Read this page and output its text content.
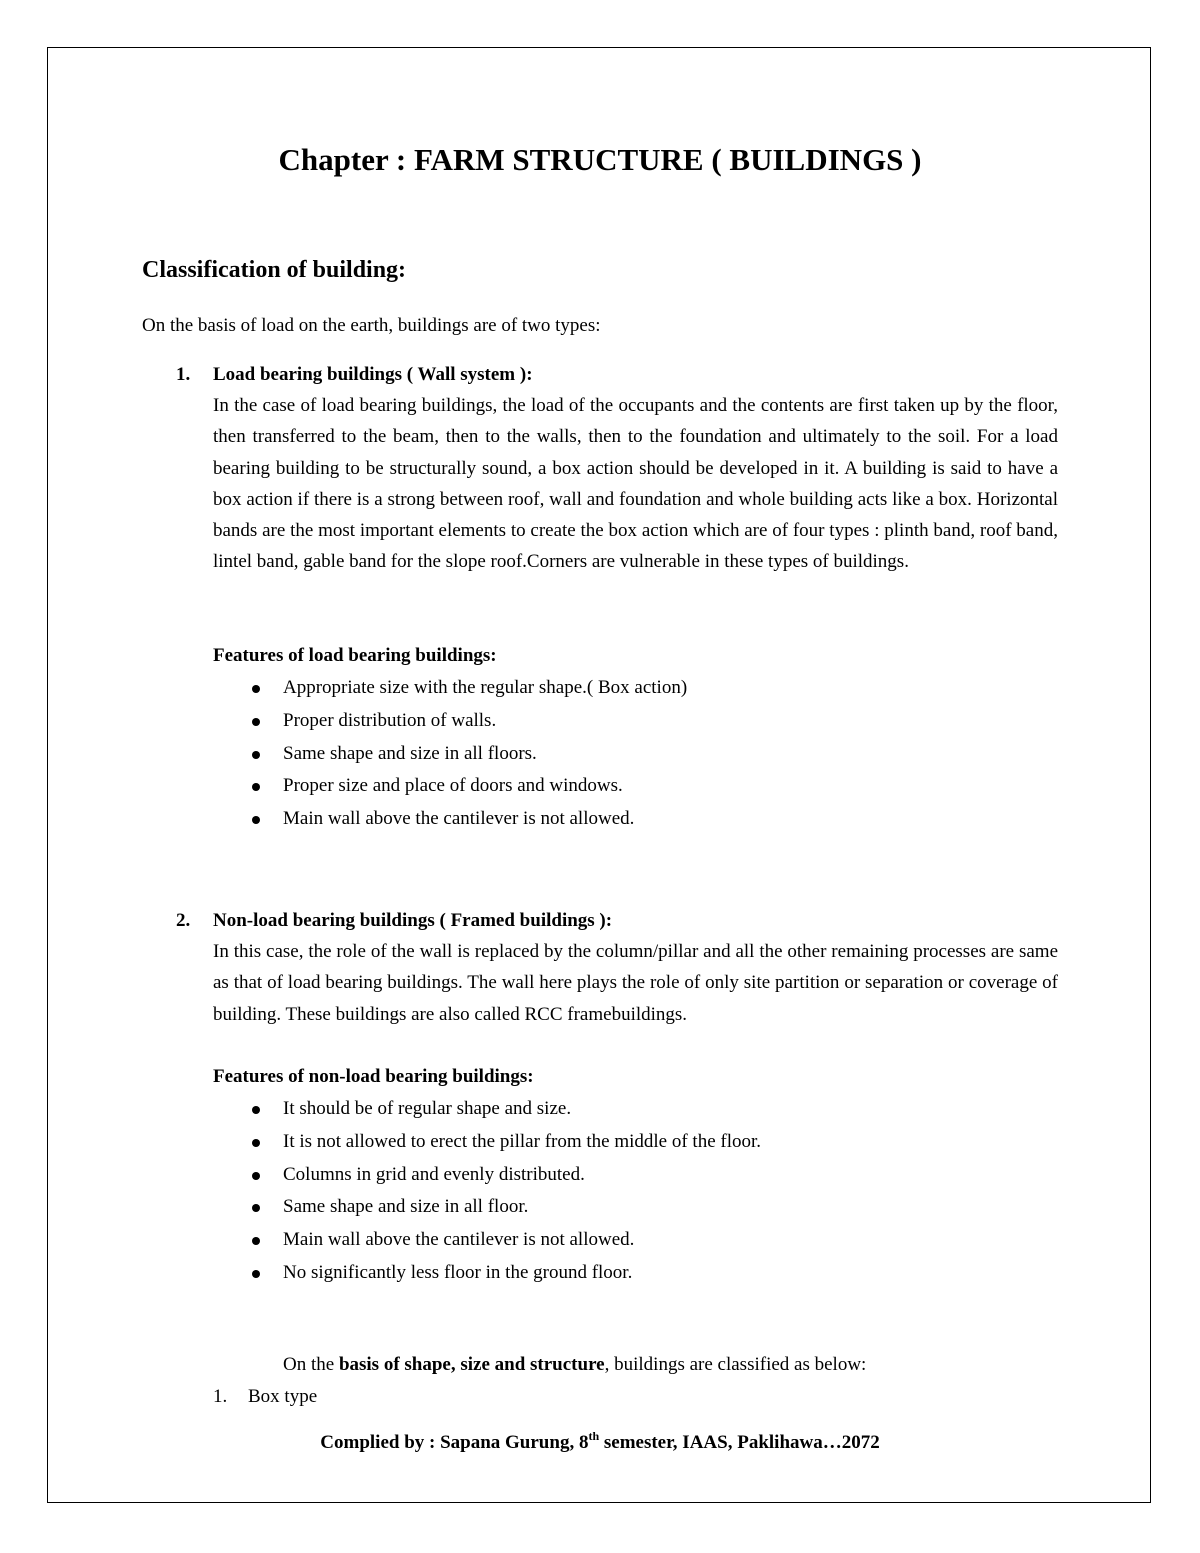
Chapter : FARM STRUCTURE ( BUILDINGS )
Classification of building:

On the basis of load on the earth, buildings are of two types:

1. Load bearing buildings ( Wall system ):

In the case of load bearing buildings, the load of the occupants and the contents are first taken up by the floor, then transferred to the beam, then to the walls, then to the foundation and ultimately to the soil. For a load bearing building to be structurally sound, a box action should be developed in it. A building is said to have a box action if there is a strong between roof, wall and foundation and whole building acts like a box. Horizontal bands are the most important elements to create the box action which are of four types : plinth band, roof band, lintel band, gable band for the slope roof.Corners are vulnerable in these types of buildings.

Features of load bearing buildings:
Appropriate size with the regular shape.( Box action)
Proper distribution of walls.
Same shape and size in all floors.
Proper size and place of doors and windows.
Main wall above the cantilever is not allowed.
2. Non-load bearing buildings ( Framed buildings ):

In this case, the role of the wall is replaced by the column/pillar and all the other remaining processes are same as that of load bearing buildings. The wall here plays the role of only site partition or separation or coverage of building. These buildings are also called RCC framebuildings.

Features of non-load bearing buildings:
It should be of regular shape and size.
It is not allowed to erect the pillar from the middle of the floor.
Columns in grid and evenly distributed.
Same shape and size in all floor.
Main wall above the cantilever is not allowed.
No significantly less floor in the ground floor.

On the basis of shape, size and structure, buildings are classified as below:

1. Box type

Complied by : Sapana Gurung, 8th semester, IAAS, Paklihawa…2072
